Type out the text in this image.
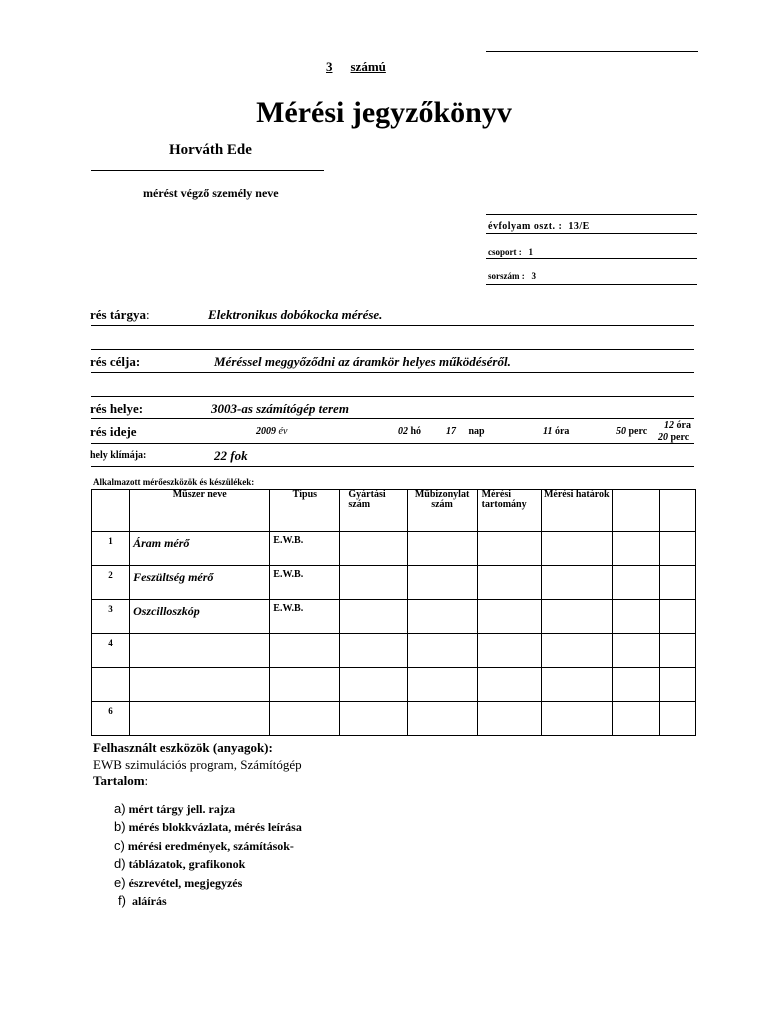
3 számú
Mérési jegyzőkönyv
Horváth Ede
mérést végző személy neve
évfolyam oszt. : 13/E
csoport : 1
sorszám : 3
rés tárgya:	Elektronikus dobókocka mérése.
rés célja:	Méréssel meggyőződni az áramkör helyes működéséről.
rés helye:	3003-as számítógép terem
rés ideje	2009 év	02 hó 17 nap	11 óra	50 perc
12 óra
20 perc
hely klímája:	22 fok
Alkalmazott mérőeszközök és készülékek:
	Műszer neve	Típus	Gyártási szám	Műbizonylat szám	Mérési tartomány	Mérési határok		
1	Áram mérő	E.W.B.						
2	Feszültség mérő	E.W.B.						
3	Oszcilloszkóp	E.W.B.						
4								

6								
Felhasznált eszközök (anyagok):
EWB szimulációs program, Számítógép
Tartalom:
a) mért tárgy jell. rajza
b) mérés blokkvázlata, mérés leírása
c) mérési eredmények, számítások-
d) táblázatok, grafikonok
e) észrevétel, megjegyzés
f) aláírás
